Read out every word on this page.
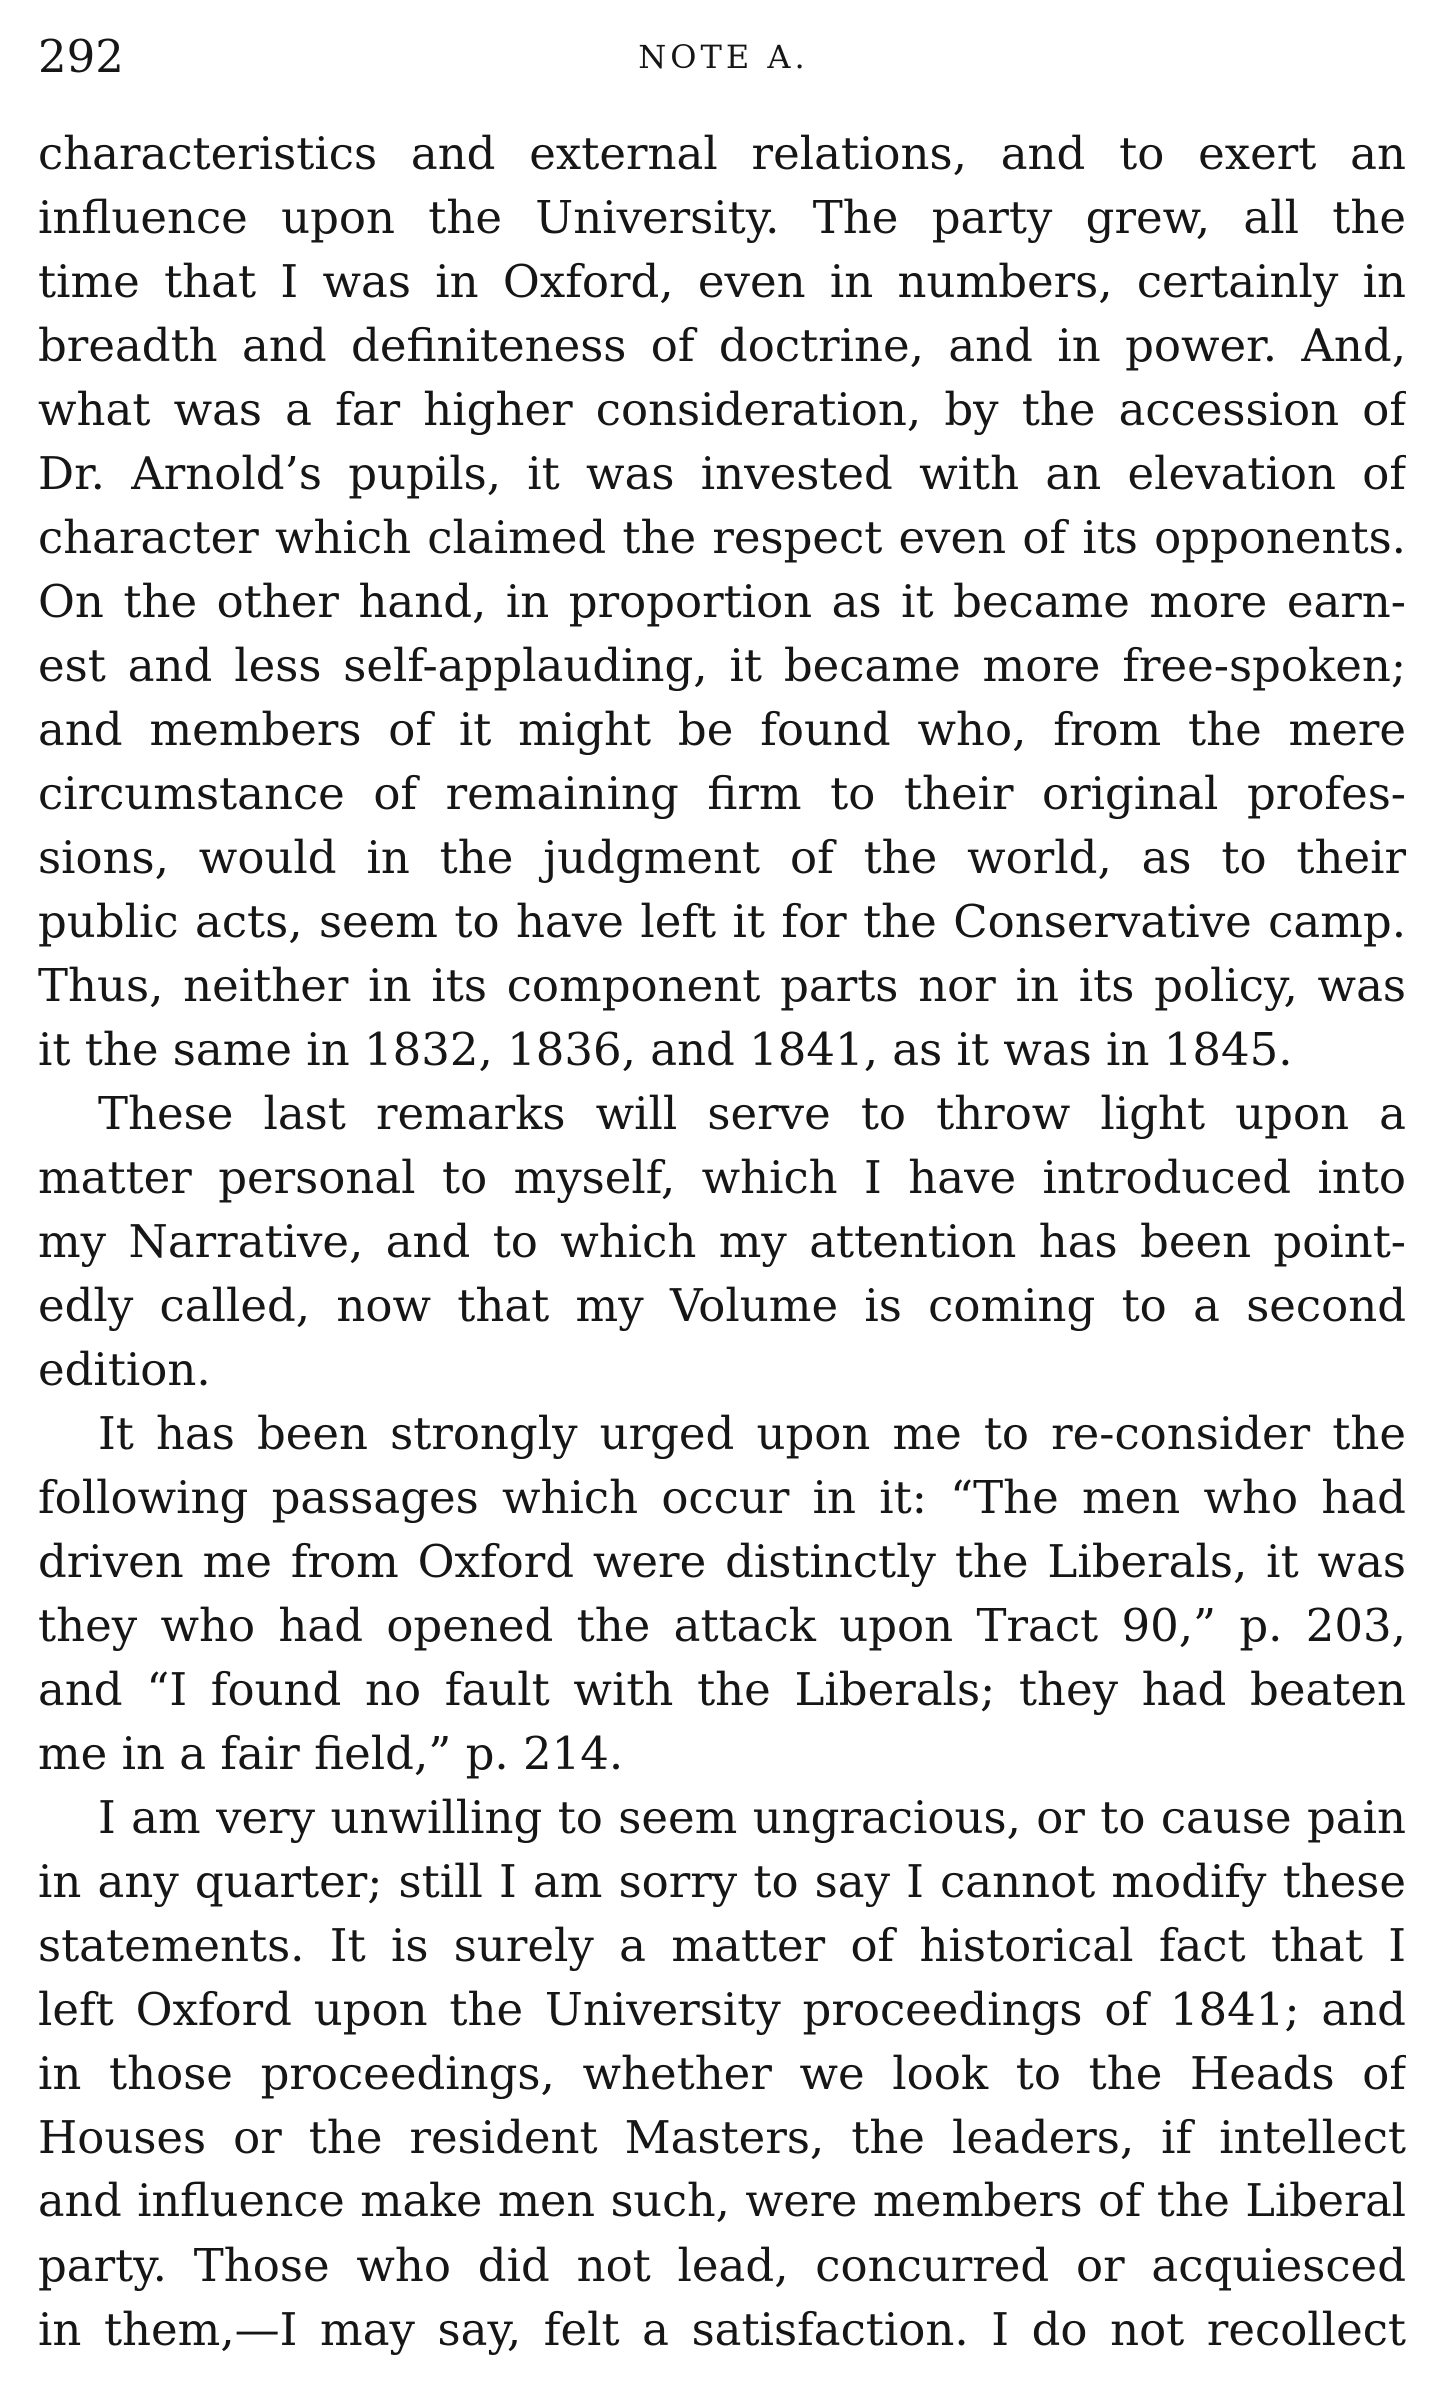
292	NOTE A.
characteristics and external relations, and to exert an
influence upon the University. The party grew, all the
time that I was in Oxford, even in numbers, certainly in
breadth and definiteness of doctrine, and in power. And,
what was a far higher consideration, by the accession of
Dr. Arnold’s pupils, it was invested with an elevation of
character which claimed the respect even of its opponents.
On the other hand, in proportion as it became more earn-
est and less self-applauding, it became more free-spoken;
and members of it might be found who, from the mere
circumstance of remaining firm to their original profes-
sions, would in the judgment of the world, as to their
public acts, seem to have left it for the Conservative camp.
Thus, neither in its component parts nor in its policy, was
it the same in 1832, 1836, and 1841, as it was in 1845.
These last remarks will serve to throw light upon a
matter personal to myself, which I have introduced into
my Narrative, and to which my attention has been point-
edly called, now that my Volume is coming to a second
edition.
It has been strongly urged upon me to re-consider the
following passages which occur in it: “The men who had
driven me from Oxford were distinctly the Liberals, it was
they who had opened the attack upon Tract 90,” p. 203,
and “I found no fault with the Liberals; they had beaten
me in a fair field,” p. 214.
I am very unwilling to seem ungracious, or to cause pain
in any quarter; still I am sorry to say I cannot modify these
statements. It is surely a matter of historical fact that I
left Oxford upon the University proceedings of 1841; and
in those proceedings, whether we look to the Heads of
Houses or the resident Masters, the leaders, if intellect
and influence make men such, were members of the Liberal
party. Those who did not lead, concurred or acquiesced
in them,—I may say, felt a satisfaction. I do not recollect
